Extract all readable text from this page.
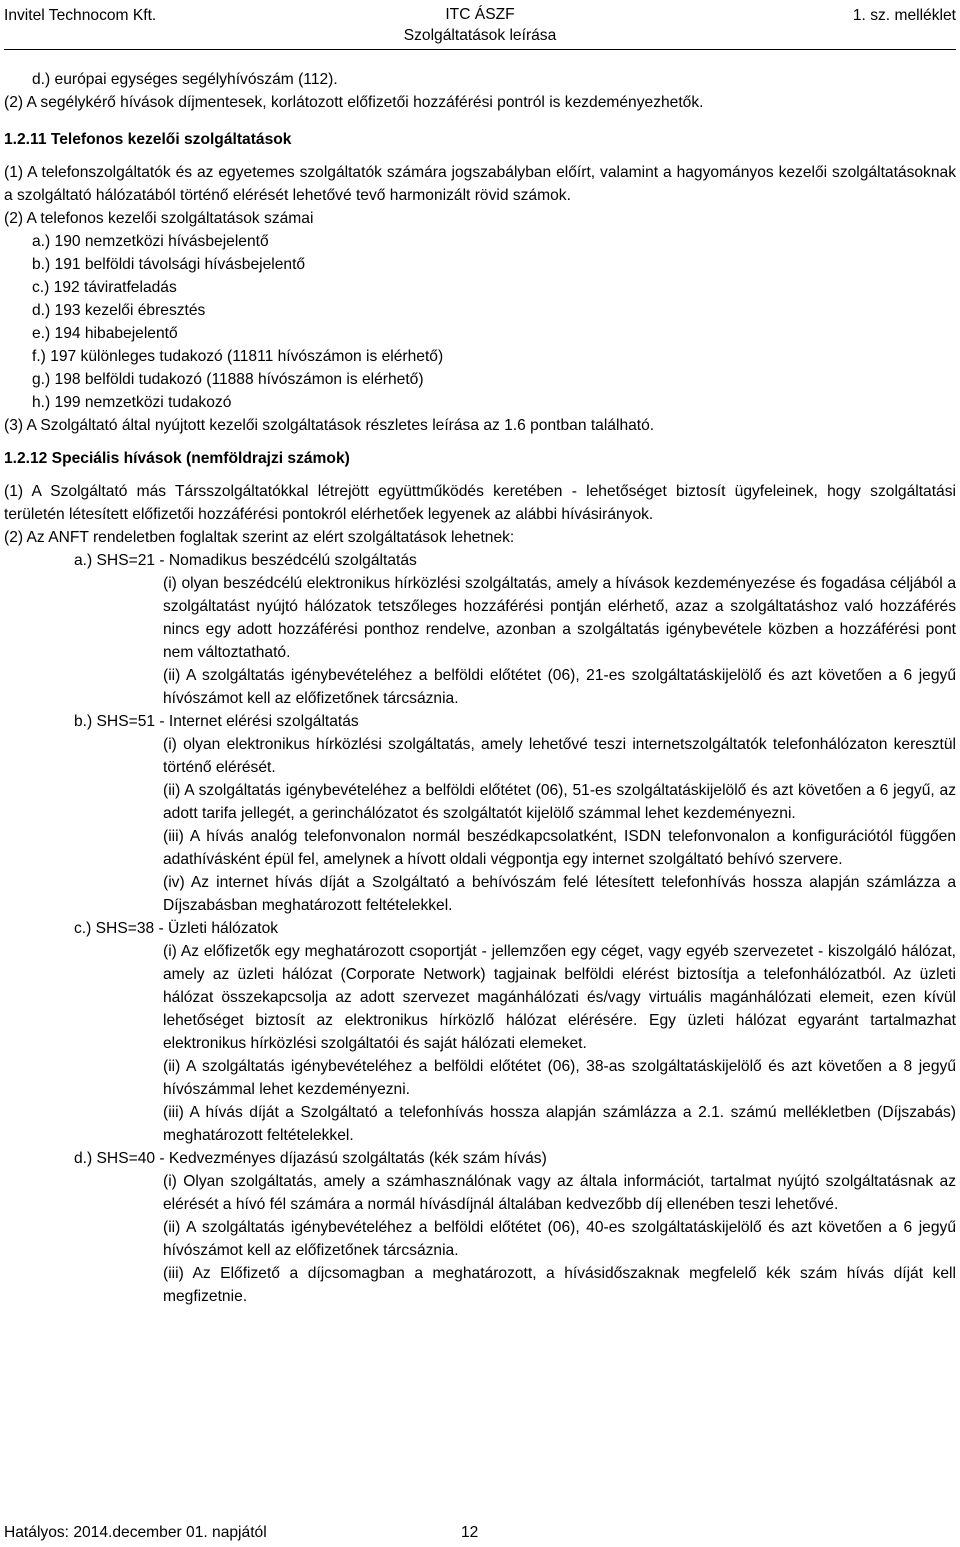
Invitel Technocom Kft.	ITC ÁSZF
Szolgáltatások leírása
1. sz. melléklet

d.) európai egységes segélyhívószám (112).

(2) A segélykérő hívások díjmentesek, korlátozott előfizetői hozzáférési pontról is kezdeményezhetők.

1.2.11 Telefonos kezelői szolgáltatások

(1) A telefonszolgáltatók és az egyetemes szolgáltatók számára jogszabályban előírt, valamint a hagyományos kezelői szolgáltatásoknak a szolgáltató hálózatából történő elérését lehetővé tevő harmonizált rövid számok.

(2) A telefonos kezelői szolgáltatások számai

a.) 190 nemzetközi hívásbejelentő

b.) 191 belföldi távolsági hívásbejelentő

c.) 192 táviratfeladás

d.) 193 kezelői ébresztés

e.) 194 hibabejelentő

f.) 197 különleges tudakozó (11811 hívószámon is elérhető)

g.) 198 belföldi tudakozó (11888 hívószámon is elérhető)

h.) 199 nemzetközi tudakozó

(3) A Szolgáltató által nyújtott kezelői szolgáltatások részletes leírása az 1.6 pontban található.

1.2.12 Speciális hívások (nemföldrajzi számok)

(1) A Szolgáltató más Társszolgáltatókkal létrejött együttműködés keretében - lehetőséget biztosít ügyfeleinek, hogy szolgáltatási területén létesített előfizetői hozzáférési pontokról elérhetőek legyenek az alábbi hívásirányok.

(2) Az ANFT rendeletben foglaltak szerint az elért szolgáltatások lehetnek:

a.) SHS=21 - Nomadikus beszédcélú szolgáltatás

(i) olyan beszédcélú elektronikus hírközlési szolgáltatás, amely a hívások kezdeményezése és fogadása céljából a szolgáltatást nyújtó hálózatok tetszőleges hozzáférési pontján elérhető, azaz a szolgáltatáshoz való hozzáférés nincs egy adott hozzáférési ponthoz rendelve, azonban a szolgáltatás igénybevétele közben a hozzáférési pont nem változtatható.

(ii) A szolgáltatás igénybevételéhez a belföldi előtétet (06), 21-es szolgáltatáskijelölő és azt követően a 6 jegyű hívószámot kell az előfizetőnek tárcsáznia.

b.) SHS=51 - Internet elérési szolgáltatás

(i) olyan elektronikus hírközlési szolgáltatás, amely lehetővé teszi internetszolgáltatók telefonhálózaton keresztül történő elérését.

(ii) A szolgáltatás igénybevételéhez a belföldi előtétet (06), 51-es szolgáltatáskijelölő és azt követően a 6 jegyű, az adott tarifa jellegét, a gerinchálózatot és szolgáltatót kijelölő számmal lehet kezdeményezni.

(iii) A hívás analóg telefonvonalon normál beszédkapcsolatként, ISDN telefonvonalon a konfigurációtól függően adathívásként épül fel, amelynek a hívott oldali végpontja egy internet szolgáltató behívó szervere.

(iv) Az internet hívás díját a Szolgáltató a behívószám felé létesített telefonhívás hossza alapján számlázza a Díjszabásban meghatározott feltételekkel.

c.) SHS=38 - Üzleti hálózatok

(i) Az előfizetők egy meghatározott csoportját - jellemzően egy céget, vagy egyéb szervezetet - kiszolgáló hálózat, amely az üzleti hálózat (Corporate Network) tagjainak belföldi elérést biztosítja a telefonhálózatból. Az üzleti hálózat összekapcsolja az adott szervezet magánhálózati és/vagy virtuális magánhálózati elemeit, ezen kívül lehetőséget biztosít az elektronikus hírközlő hálózat elérésére. Egy üzleti hálózat egyaránt tartalmazhat elektronikus hírközlési szolgáltatói és saját hálózati elemeket.

(ii) A szolgáltatás igénybevételéhez a belföldi előtétet (06), 38-as szolgáltatáskijelölő és azt követően a 8 jegyű hívószámmal lehet kezdeményezni.

(iii) A hívás díját a Szolgáltató a telefonhívás hossza alapján számlázza a 2.1. számú mellékletben (Díjszabás) meghatározott feltételekkel.

d.) SHS=40 - Kedvezményes díjazású szolgáltatás (kék szám hívás)

(i) Olyan szolgáltatás, amely a számhasználónak vagy az általa információt, tartalmat nyújtó szolgáltatásnak az elérését a hívó fél számára a normál hívásdíjnál általában kedvezőbb díj ellenében teszi lehetővé.

(ii) A szolgáltatás igénybevételéhez a belföldi előtétet (06), 40-es szolgáltatáskijelölő és azt követően a 6 jegyű hívószámot kell az előfizetőnek tárcsáznia.

(iii) Az Előfizető a díjcsomagban a meghatározott, a hívásidőszaknak megfelelő kék szám hívás díját kell megfizetnie.

Hatályos: 2014.december 01. napjától	12
